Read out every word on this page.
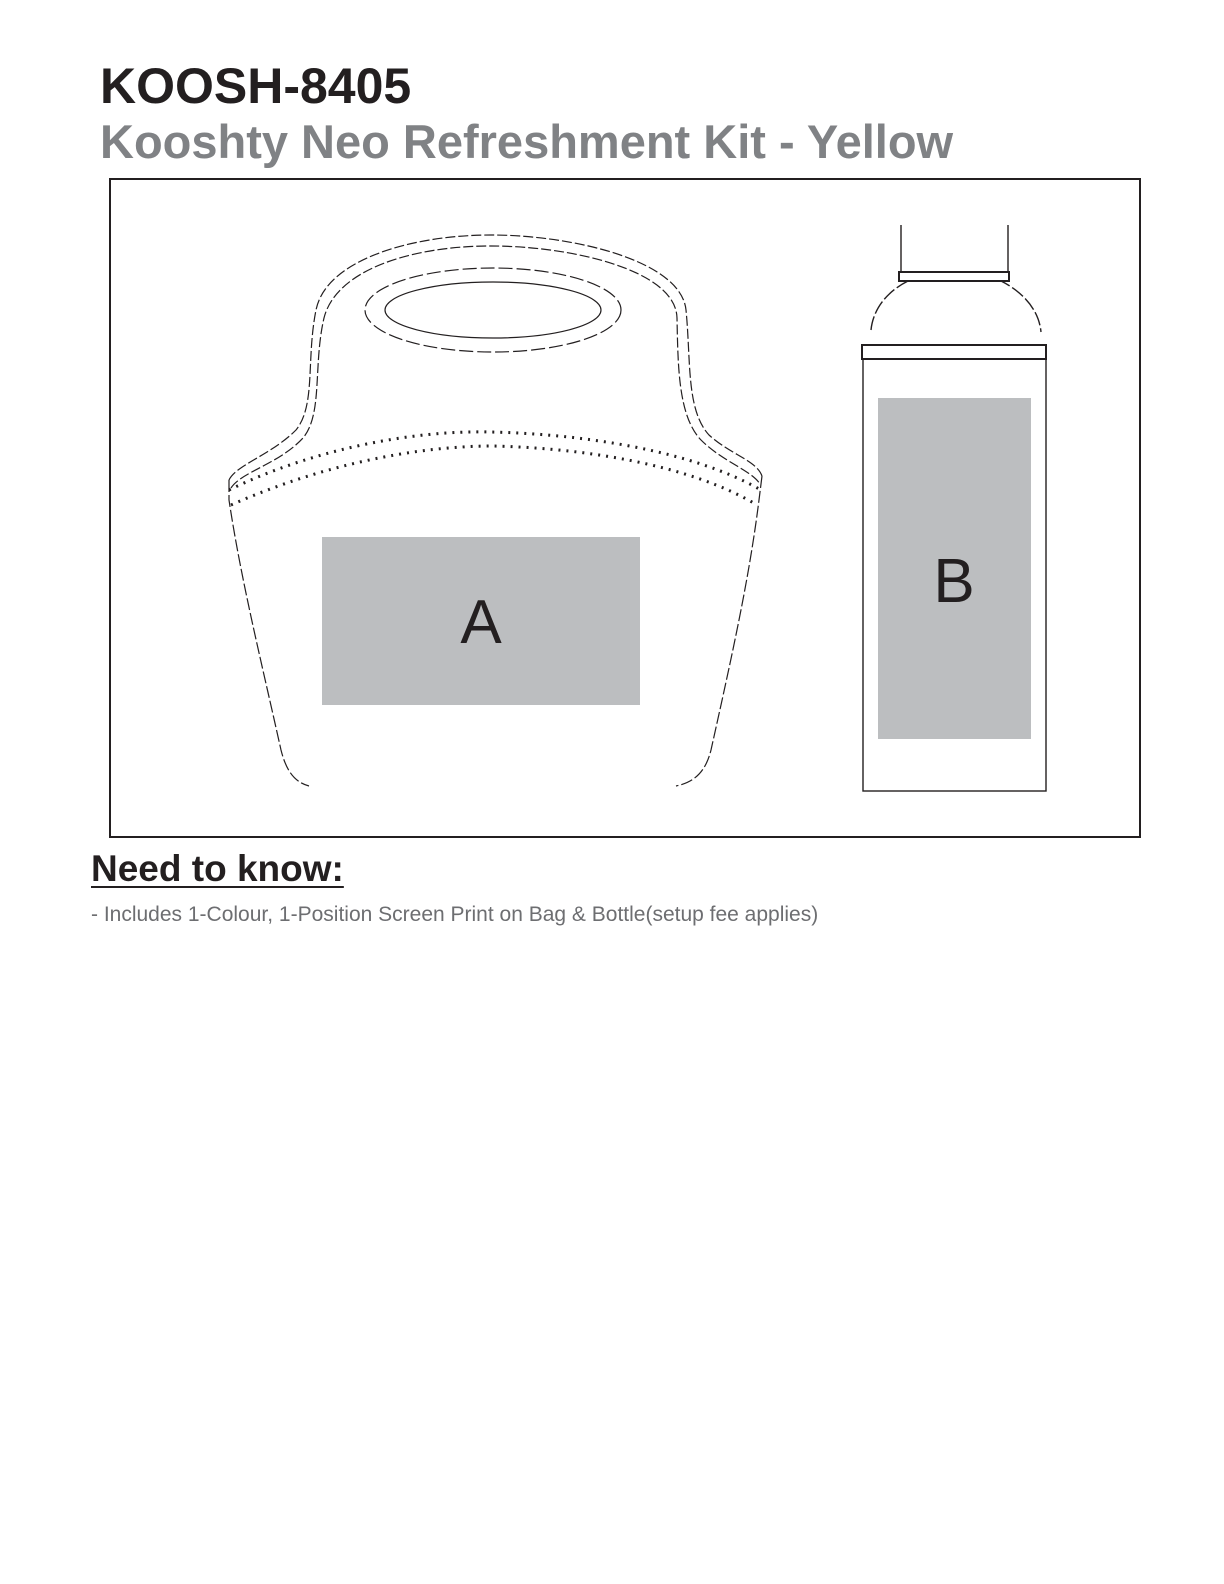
KOOSH-8405
Kooshty Neo Refreshment Kit - Yellow
A
B
Need to know:

- Includes 1-Colour, 1-Position Screen Print on Bag & Bottle(setup fee applies)
